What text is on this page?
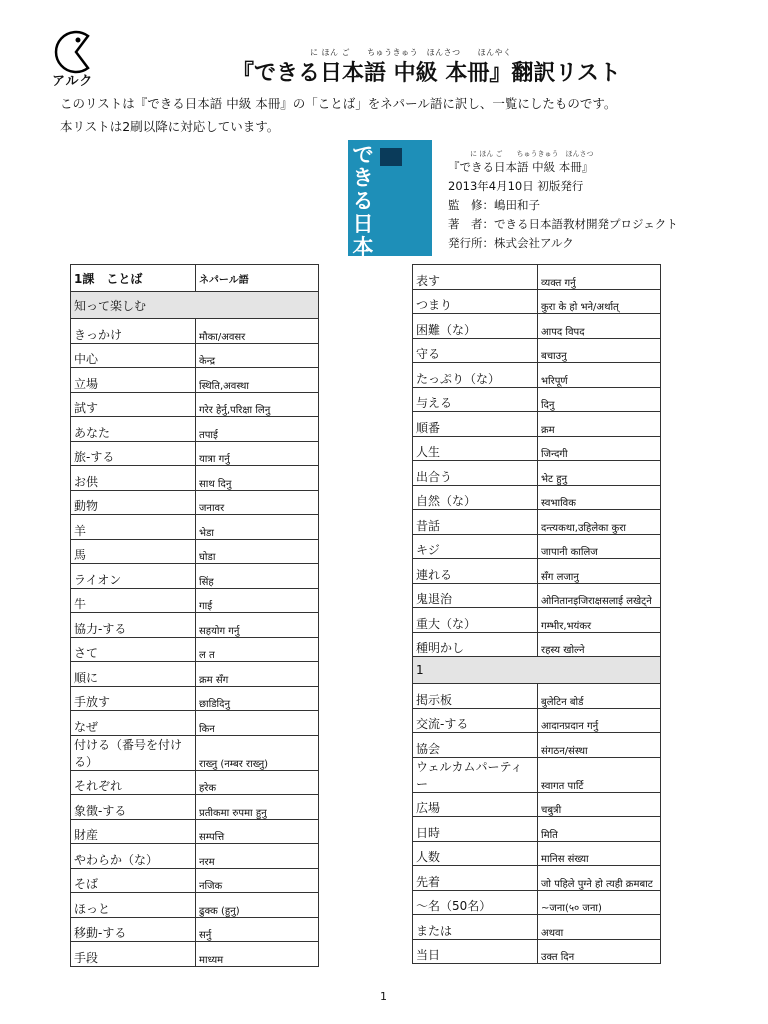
アルク
に ほん ご　　ちゅうきゅう　ほんさつ　　ほんやく
『できる日本語 中級 本冊』翻訳リスト
このリストは『できる日本語 中級 本冊』の「ことば」をネパール語に訳し、一覧にしたものです。
本リストは2刷以降に対応しています。
できる日本語
に ほん ご　　ちゅうきゅう　ほんさつ
『できる日本語 中級 本冊』
2013年4月10日 初版発行
監　修：嶋田和子
著　者：できる日本語教材開発プロジェクト
発行所：株式会社アルク
1課　ことば	ネパール語
知って楽しむ	
きっかけ	मौका/अवसर
中心	केन्द्र
立場	स्थिति,अवस्था
試す	गरेर हेर्नु,परिक्षा लिनु
あなた	तपाई
旅-する	यात्रा गर्नु
お供	साथ दिनु
動物	जनावर
羊	भेडा
馬	घोडा
ライオン	सिंह
牛	गाई
協力-する	सहयोग गर्नु
さて	ल त
順に	क्रम सँग
手放す	छाडिदिनु
なぜ	किन
付ける（番号を付ける）	राख्नु (नम्बर राख्नु)
それぞれ	हरेक
象徴-する	प्रतीकमा रुपमा हुनु
財産	सम्पत्ति
やわらか（な）	नरम
そば	नजिक
ほっと	ढुक्क (हुनु)
移動-する	सर्नु
手段	माध्यम
表す	व्यक्त गर्नु
つまり	कुरा के हो भने/अर्थात्
困難（な）	आपद विपद
守る	बचाउनु
たっぷり（な）	भरिपूर्ण
与える	दिनु
順番	क्रम
人生	जिन्दगी
出合う	भेट हुनु
自然（な）	स्वभाविक
昔話	दन्त्यकथा,उहिलेका कुरा
キジ	जापानी कालिज
連れる	सँग लजानु
鬼退治	ओनितानइजिराक्षसलाई लखेट्ने
重大（な）	गम्भीर,भयंकर
種明かし	रहस्य खोल्ने
1	
掲示板	बुलेटिन बोर्ड
交流-する	आदानप्रदान गर्नु
協会	संगठन/संस्था
ウェルカムパーティー	स्वागत पार्टि
広場	चबुत्री
日時	मिति
人数	मानिस संख्या
先着	जो पहिले पुग्ने हो त्यही क्रमबाट
～名（50名）	~जना(५० जना)
または	अथवा
当日	उक्त दिन
1
